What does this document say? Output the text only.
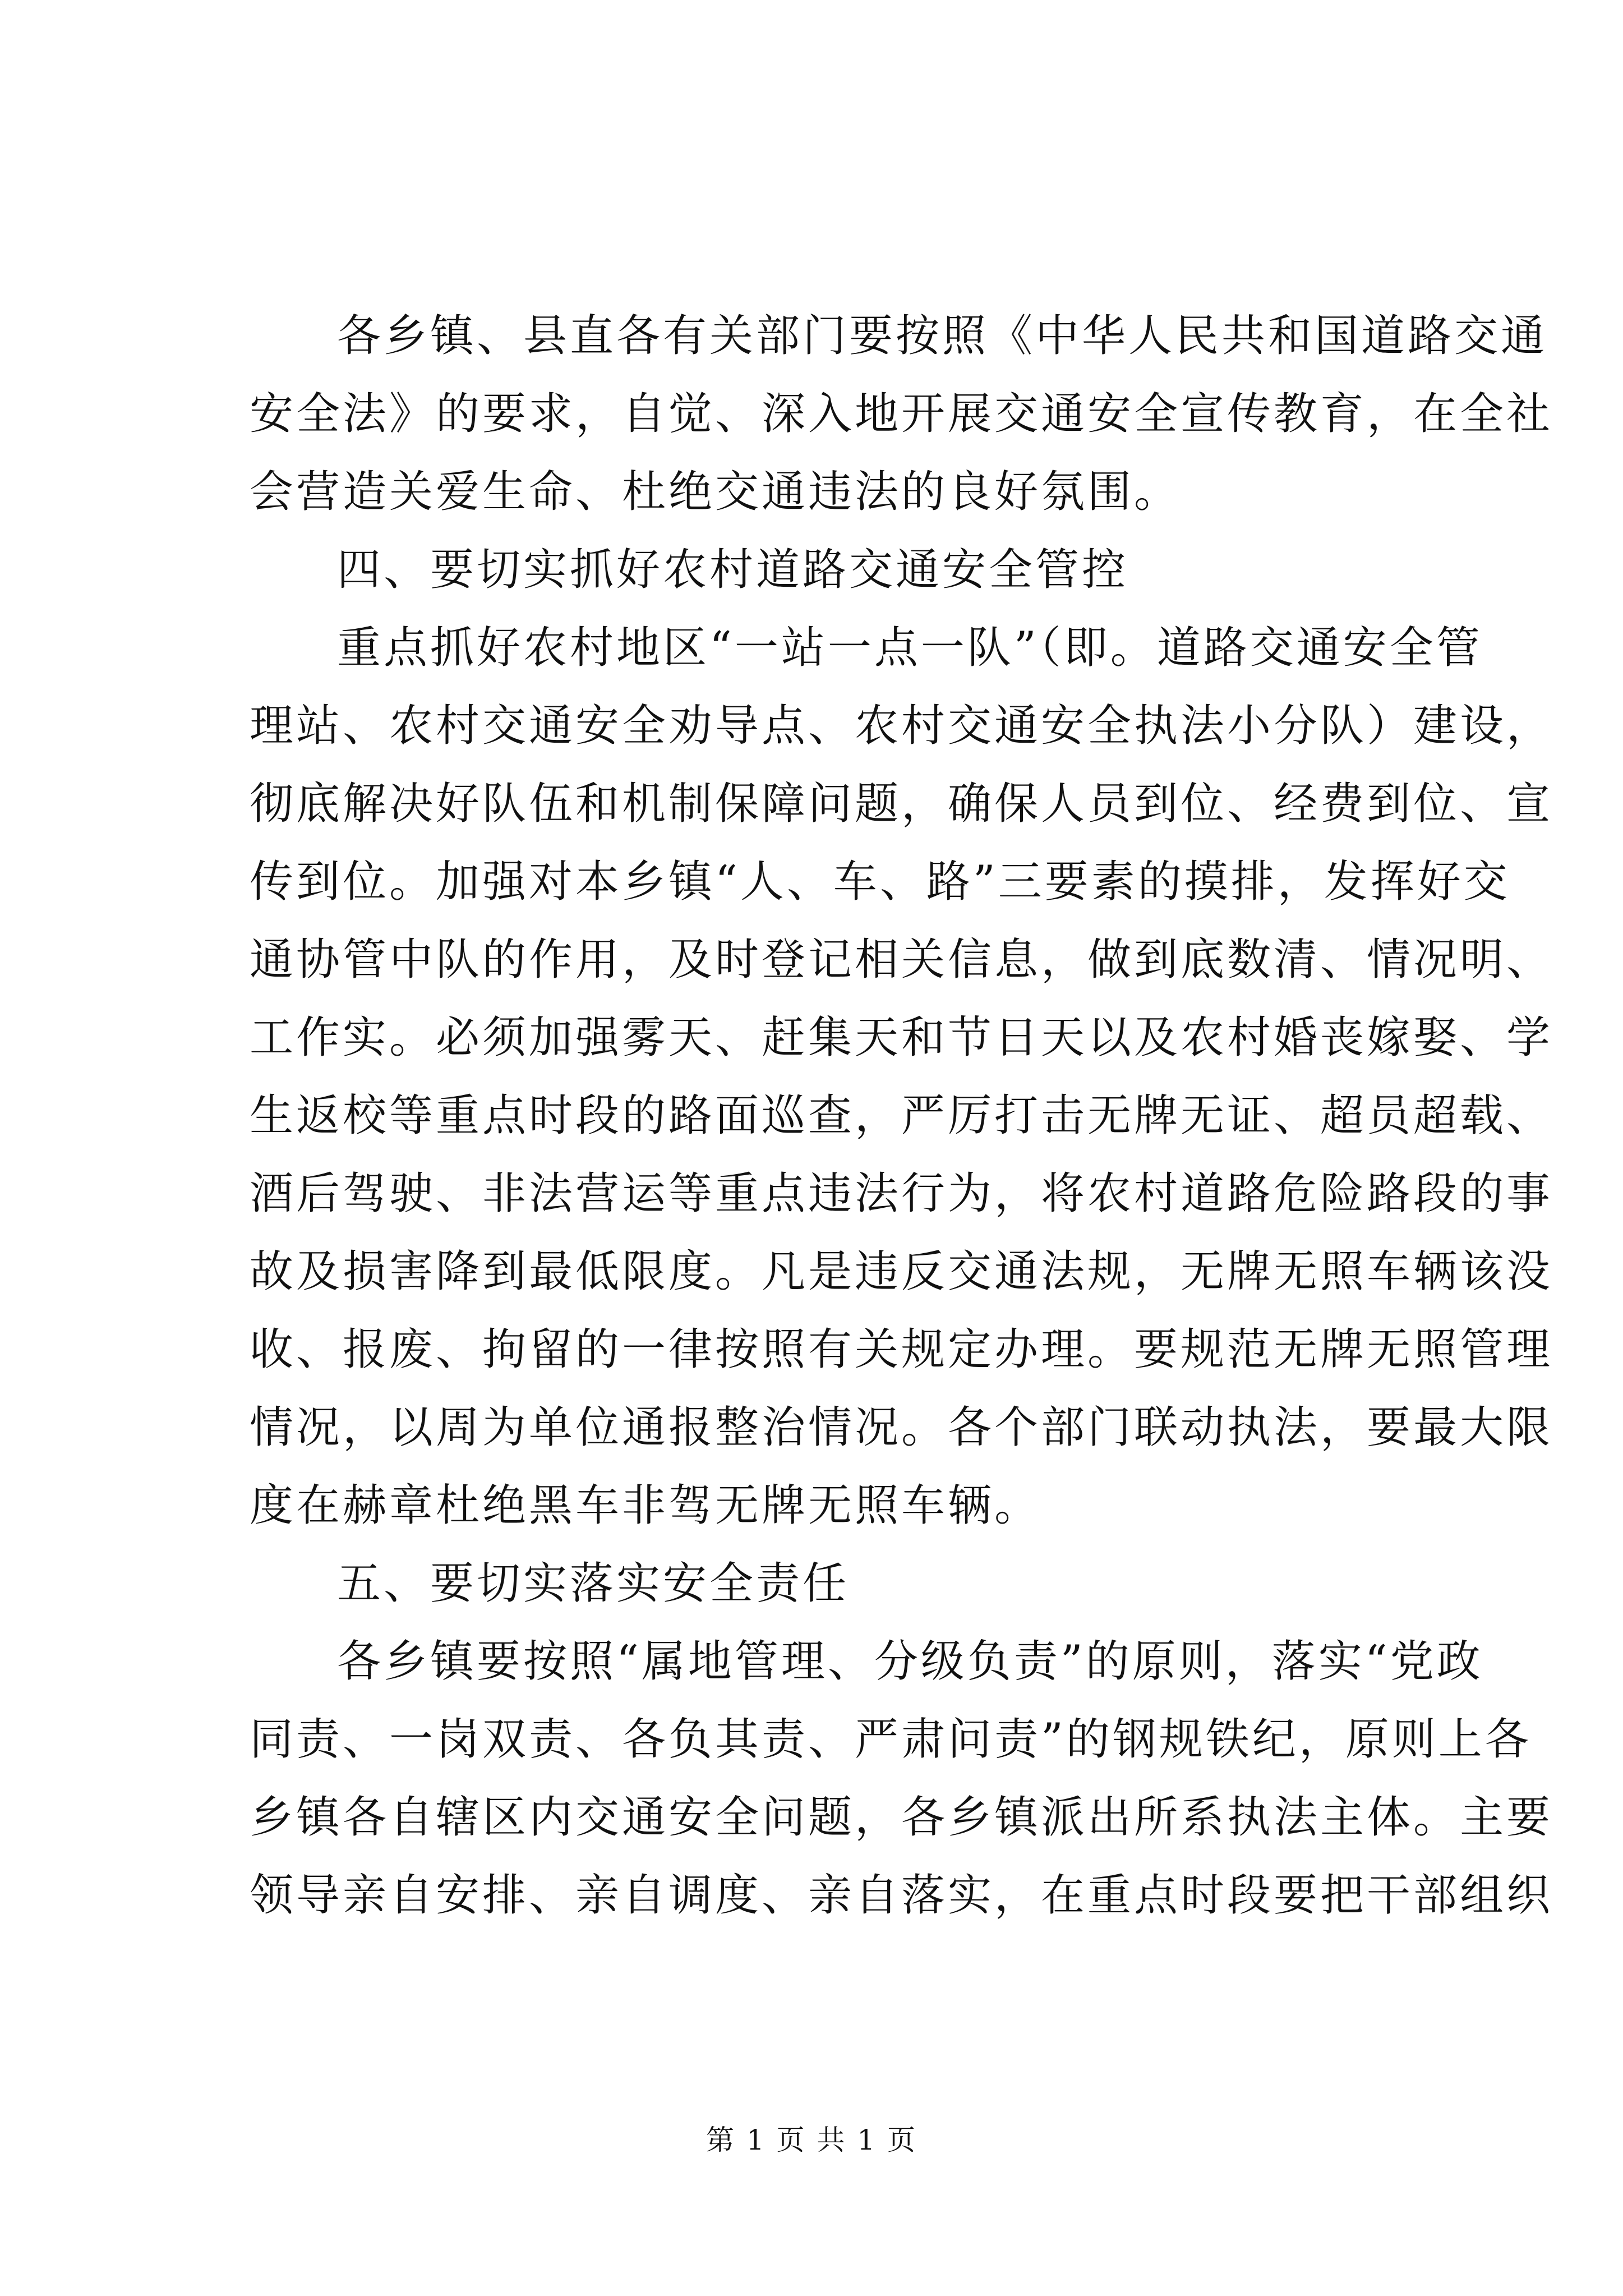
各乡镇、县直各有关部门要按照《中华人民共和国道路交通
安全法》的要求，自觉、深入地开展交通安全宣传教育，在全社
会营造关爱生命、杜绝交通违法的良好氛围。
四、要切实抓好农村道路交通安全管控
重点抓好农村地区“一站一点一队”（即。道路交通安全管
理站、农村交通安全劝导点、农村交通安全执法小分队）建设，
彻底解决好队伍和机制保障问题，确保人员到位、经费到位、宣
传到位。加强对本乡镇“人、车、路”三要素的摸排，发挥好交
通协管中队的作用，及时登记相关信息，做到底数清、情况明、
工作实。必须加强雾天、赶集天和节日天以及农村婚丧嫁娶、学
生返校等重点时段的路面巡查，严厉打击无牌无证、超员超载、
酒后驾驶、非法营运等重点违法行为，将农村道路危险路段的事
故及损害降到最低限度。凡是违反交通法规，无牌无照车辆该没
收、报废、拘留的一律按照有关规定办理。要规范无牌无照管理
情况，以周为单位通报整治情况。各个部门联动执法，要最大限
度在赫章杜绝黑车非驾无牌无照车辆。
五、要切实落实安全责任
各乡镇要按照“属地管理、分级负责”的原则，落实“党政
同责、一岗双责、各负其责、严肃问责”的钢规铁纪，原则上各
乡镇各自辖区内交通安全问题，各乡镇派出所系执法主体。主要
领导亲自安排、亲自调度、亲自落实，在重点时段要把干部组织
第 1 页 共 1 页
